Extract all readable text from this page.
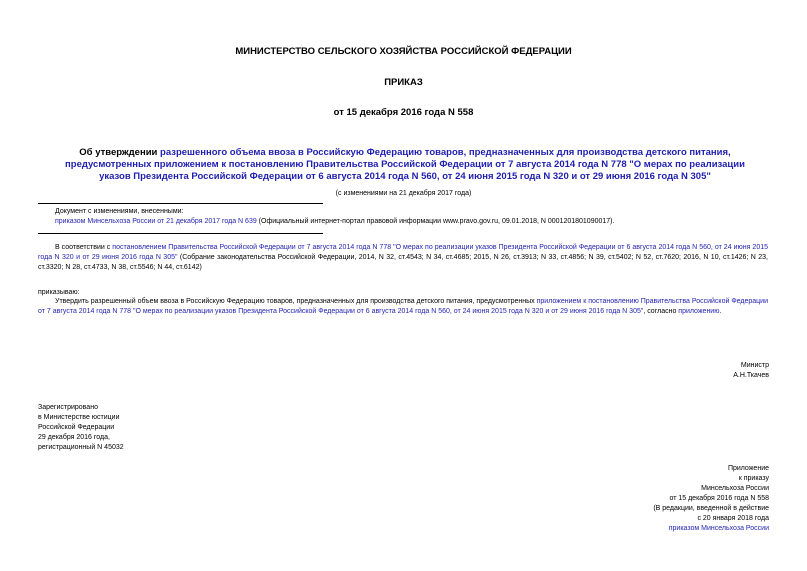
МИНИСТЕРСТВО СЕЛЬСКОГО ХОЗЯЙСТВА РОССИЙСКОЙ ФЕДЕРАЦИИ
ПРИКАЗ
от 15 декабря 2016 года N 558
Об утверждении разрешенного объема ввоза в Российскую Федерацию товаров, предназначенных для производства детского питания, предусмотренных приложением к постановлению Правительства Российской Федерации от 7 августа 2014 года N 778 "О мерах по реализации указов Президента Российской Федерации от 6 августа 2014 года N 560, от 24 июня 2015 года N 320 и от 29 июня 2016 года N 305"
(с изменениями на 21 декабря 2017 года)
Документ с изменениями, внесенными:
приказом Минсельхоза России от 21 декабря 2017 года N 639 (Официальный интернет-портал правовой информации www.pravo.gov.ru, 09.01.2018, N 0001201801090017).
В соответствии с постановлением Правительства Российской Федерации от 7 августа 2014 года N 778 "О мерах по реализации указов Президента Российской Федерации от 6 августа 2014 года N 560, от 24 июня 2015 года N 320 и от 29 июня 2016 года N 305" (Собрание законодательства Российской Федерации, 2014, N 32, ст.4543; N 34, ст.4685; 2015, N 26, ст.3913; N 33, ст.4856; N 39, ст.5402; N 52, ст.7620; 2016, N 10, ст.1426; N 23, ст.3320; N 28, ст.4733, N 38, ст.5546; N 44, ст.6142)
приказываю:
Утвердить разрешенный объем ввоза в Российскую Федерацию товаров, предназначенных для производства детского питания, предусмотренных приложением к постановлению Правительства Российской Федерации от 7 августа 2014 года N 778 "О мерах по реализации указов Президента Российской Федерации от 6 августа 2014 года N 560, от 24 июня 2015 года N 320 и от 29 июня 2016 года N 305", согласно приложению.
Министр
А.Н.Ткачев
Зарегистрировано
в Министерстве юстиции
Российской Федерации
29 декабря 2016 года,
регистрационный N 45032
Приложение
к приказу
Минсельхоза России
от 15 декабря 2016 года N 558
(В редакции, введенной в действие
с 20 января 2018 года
приказом Минсельхоза России
